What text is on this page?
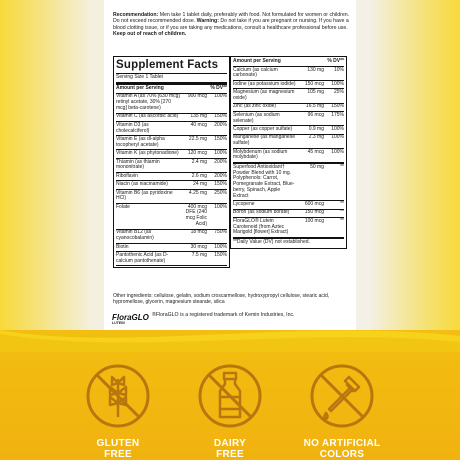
Recommendation: Men take 1 tablet daily, preferably with food. Not formulated for women or children. Do not exceed recommended dose. Warning: Do not take if you are pregnant or nursing. If you have a blood clotting issue, or if you are taking any medications, consult a healthcare professional before use. Keep out of reach of children.
Supplement Facts
Serving Size 1 Tablet
Amount per Serving	% DV**
Vitamin A (as 70% [630 mcg] retinyl acetate, 30% [270 mcg] beta-carotene)
900 mcg	100%
Vitamin C (as ascorbic acid)	135 mg	150%
Vitamin D3 (as cholecalciferol)
40 mcg	200%
Vitamin E (as dl-alpha tocopheryl acetate)
22.5 mg	150%
Vitamin K (as phytonadione)	120 mcg	100%
Thiamin (as thiamin mononitrate)
2.4 mg	200%
Riboflavin	2.6 mg	200%
Niacin (as niacinamide)	24 mg	150%
Vitamin B6 (as pyridoxine HCl)
4.25 mg	250%
Folate	400 mcg DFE (240 mcg Folic Acid)
100%
Vitamin B12 (as cyanocobalamin)
18 mcg	750%
Biotin	30 mcg	100%
Pantothenic Acid (as D-calcium pantothenate)
7.5 mg	150%
Amount per Serving	% DV**
Calcium (as calcium carbonate)
130 mg	10%
Iodine (as potassium iodide)	150 mcg	100%
Magnesium (as magnesium oxide)
105 mg	25%
Zinc (as zinc oxide)	16.5 mg	150%
Selenium (as sodium selenate)
96 mcg	175%
Copper (as copper sulfate)	0.9 mg	100%
Manganese (as manganese sulfate)
2.3 mg	100%
Molybdenum (as sodium molybdate)
45 mcg	100%
Superfood Antioxidant† Powder Blend with 10 mg. Polyphenols: Carrot, Pomegranate Extract, Blue-berry, Spinach, Apple Extract
50 mg	**
Lycopene	600 mcg	**
Boron (as sodium borate)	150 mcg	**
FloraGLO® Lutein Carotenoid (from Aztec Marigold [flower] Extract)
100 mcg	**
**Daily Value (DV) not established.
Other ingredients: cellulose, gelatin, sodium croscarmellose, hydroxypropyl cellulose, stearic acid, hypromellose, glycerin, magnesium stearate, silica
FloraGLO
LUTEIN
®FloraGLO is a registered trademark of Kemin Industries, Inc.
GLUTEN
FREE
DAIRY
FREE
NO ARTIFICIAL
COLORS
